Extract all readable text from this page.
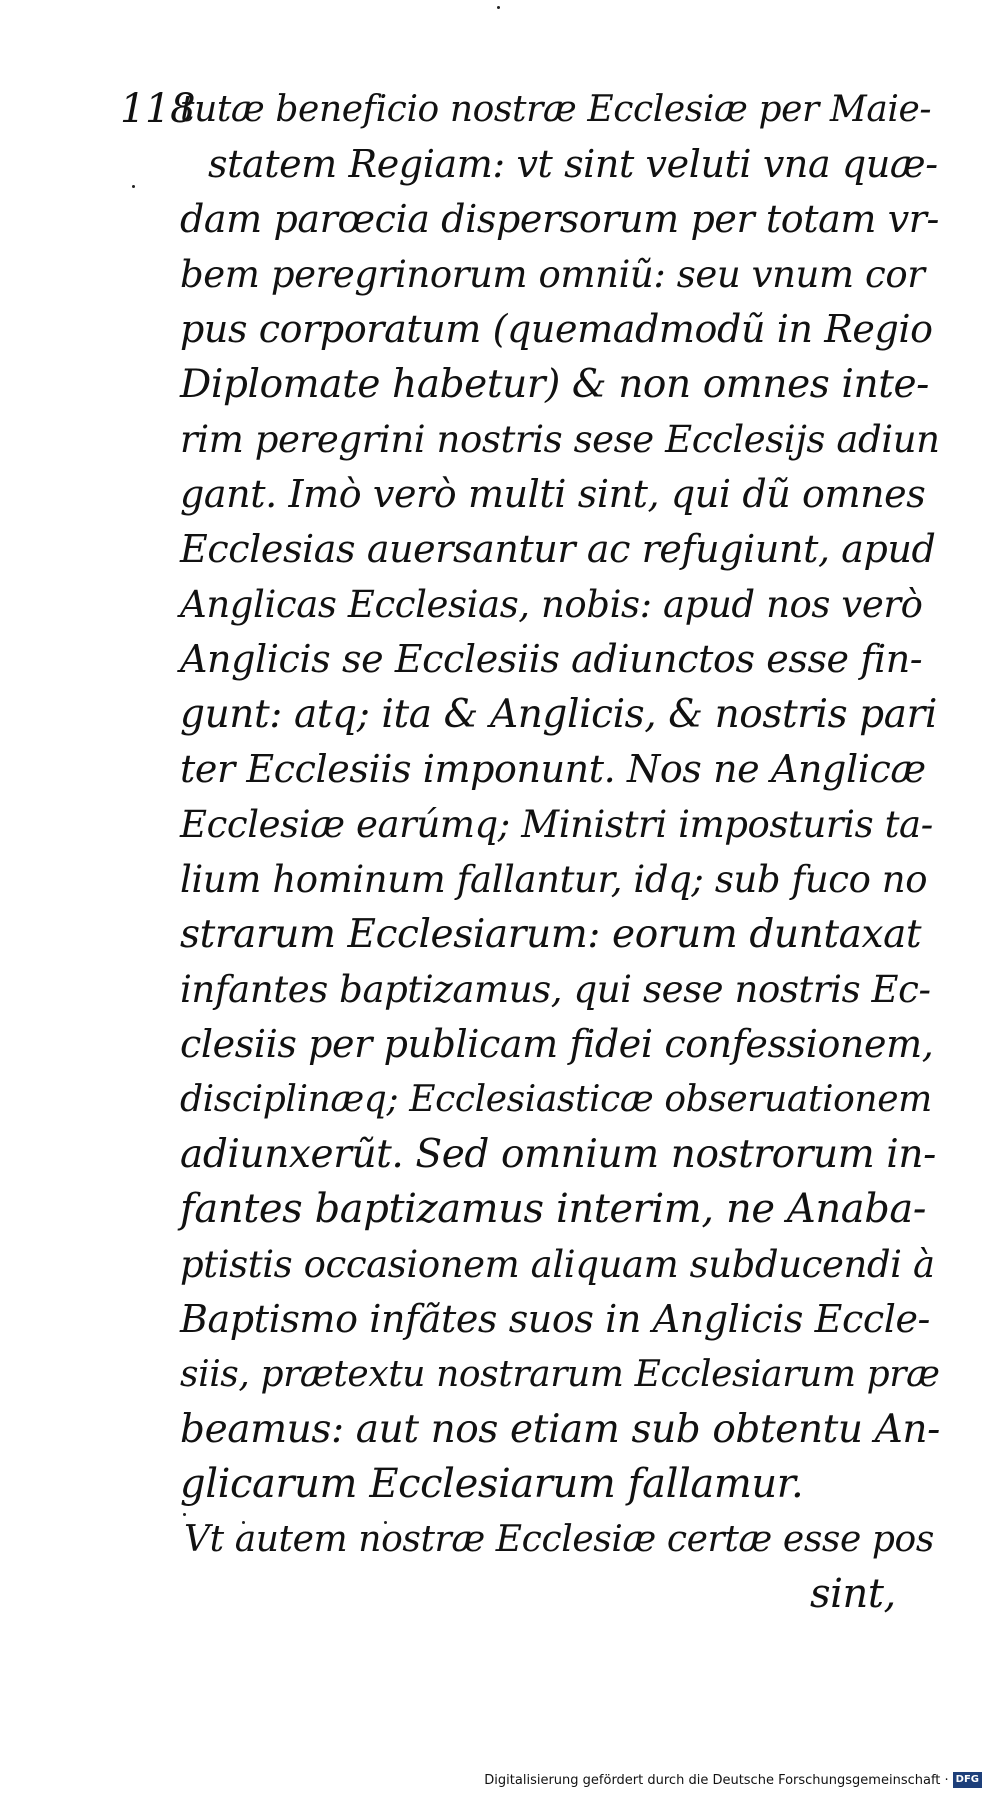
118
tutæ beneficio nostræ Ecclesiæ per Maie-
statem Regiam: vt sint veluti vna quæ-
dam parœcia dispersorum per totam vr-
bem peregrinorum omniũ: seu vnum cor
pus corporatum (quemadmodũ in Regio
Diplomate habetur) & non omnes inte-
rim peregrini nostris sese Ecclesijs adiun
gant. Imò verò multi sint, qui dũ omnes
Ecclesias auersantur ac refugiunt, apud
Anglicas Ecclesias, nobis: apud nos verò
Anglicis se Ecclesiis adiunctos esse fin-
gunt: atq; ita & Anglicis, & nostris pari
ter Ecclesiis imponunt. Nos ne Anglicæ
Ecclesiæ earúmq; Ministri imposturis ta-
lium hominum fallantur, idq; sub fuco no
strarum Ecclesiarum: eorum duntaxat
infantes baptizamus, qui sese nostris Ec-
clesiis per publicam fidei confessionem,
disciplinæq; Ecclesiasticæ obseruationem
adiunxerũt. Sed omnium nostrorum in-
fantes baptizamus interim, ne Anaba-
ptistis occasionem aliquam subducendi à
Baptismo infãtes suos in Anglicis Eccle-
siis, prætextu nostrarum Ecclesiarum præ
beamus: aut nos etiam sub obtentu An-
glicarum Ecclesiarum fallamur.
Vt autem nostræ Ecclesiæ certæ esse pos
sint,
Digitalisierung gefördert durch die Deutsche Forschungsgemeinschaft · DFG
